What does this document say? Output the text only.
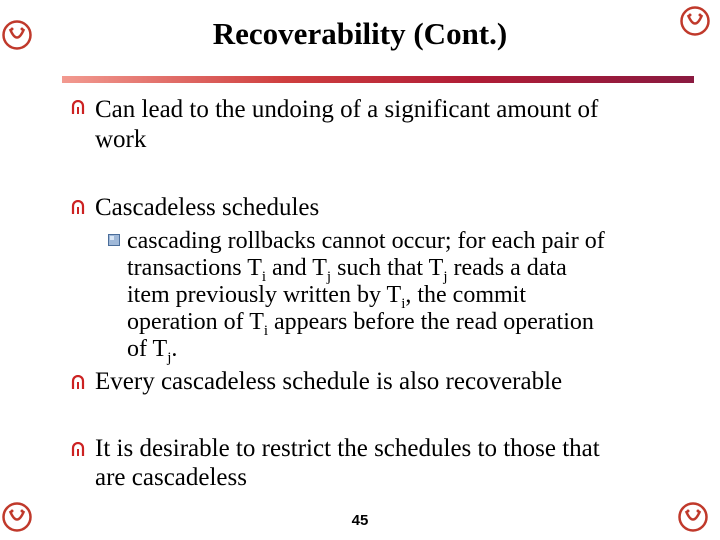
Recoverability (Cont.)
Can lead to the undoing of a significant amount of
work
Cascadeless schedules
cascading rollbacks cannot occur; for each pair of
transactions $T_i$ and $T_j$ such that $T_j$ reads a data
item previously written by $T_i$, the commit
operation of $T_i$ appears before the read operation
of $T_j$.
Every cascadeless schedule is also recoverable
It is desirable to restrict the schedules to those that
are cascadeless
45
